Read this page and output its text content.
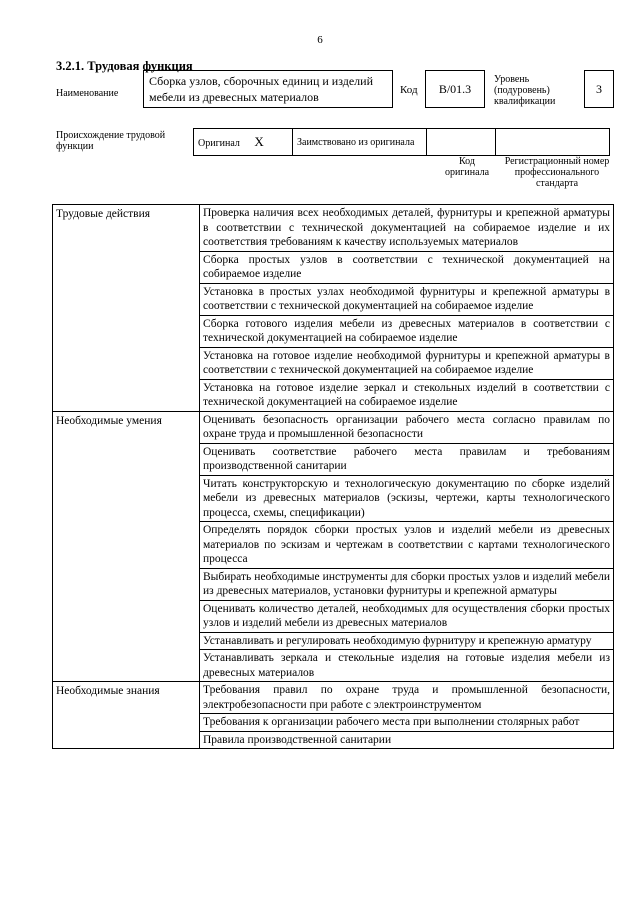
6
3.2.1. Трудовая функция
Наименование
Сборка узлов, сборочных единиц и изделий мебели из древесных материалов	Код	B/01.3
Уровень (подуровень) квалификации
3
Происхождение трудовой функции	Оригинал X	Заимствовано из оригинала		
Код оригинала
Регистрационный номер профессионального стандарта
Трудовые действия	Проверка наличия всех необходимых деталей, фурнитуры и крепежной арматуры в соответствии с технической документацией на собираемое изделие и их соответствия требованиям к качеству используемых материалов
	Сборка простых узлов в соответствии с технической документацией на собираемое изделие
	Установка в простых узлах необходимой фурнитуры и крепежной арматуры в соответствии с технической документацией на собираемое изделие
	Сборка готового изделия мебели из древесных материалов в соответствии с технической документацией на собираемое изделие
	Установка на готовое изделие необходимой фурнитуры и крепежной арматуры в соответствии с технической документацией на собираемое изделие
	Установка на готовое изделие зеркал и стекольных изделий в соответствии с технической документацией на собираемое изделие
Необходимые умения	Оценивать безопасность организации рабочего места согласно правилам по охране труда и промышленной безопасности
	Оценивать соответствие рабочего места правилам и требованиям производственной санитарии
	Читать конструкторскую и технологическую документацию по сборке изделий мебели из древесных материалов (эскизы, чертежи, карты технологического процесса, схемы, спецификации)
	Определять порядок сборки простых узлов и изделий мебели из древесных материалов по эскизам и чертежам в соответствии с картами технологического процесса
	Выбирать необходимые инструменты для сборки простых узлов и изделий мебели из древесных материалов, установки фурнитуры и крепежной арматуры
	Оценивать количество деталей, необходимых для осуществления сборки простых узлов и изделий мебели из древесных материалов
	Устанавливать и регулировать необходимую фурнитуру и крепежную арматуру
	Устанавливать зеркала и стекольные изделия на готовые изделия мебели из древесных материалов
Необходимые знания	Требования правил по охране труда и промышленной безопасности, электробезопасности при работе с электроинструментом
	Требования к организации рабочего места при выполнении столярных работ
	Правила производственной санитарии
